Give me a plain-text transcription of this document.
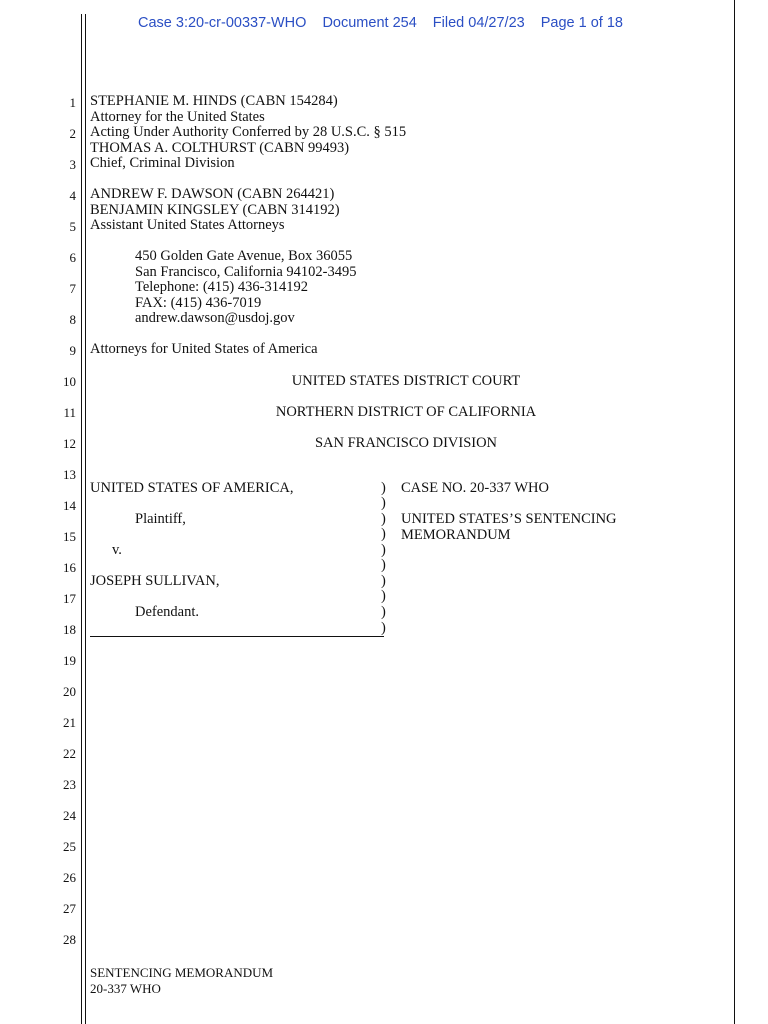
Case 3:20-cr-00337-WHO Document 254 Filed 04/27/23 Page 1 of 18
1
2
3
4
5
6
7
8
9
10
11
12
13
14
15
16
17
18
19
20
21
22
23
24
25
26
27
28
STEPHANIE M. HINDS (CABN 154284)
Attorney for the United States
Acting Under Authority Conferred by 28 U.S.C. § 515
THOMAS A. COLTHURST (CABN 99493)
Chief, Criminal Division
ANDREW F. DAWSON (CABN 264421)
BENJAMIN KINGSLEY (CABN 314192)
Assistant United States Attorneys
450 Golden Gate Avenue, Box 36055
San Francisco, California 94102-3495
Telephone: (415) 436-314192
FAX: (415) 436-7019
andrew.dawson@usdoj.gov
Attorneys for United States of America
UNITED STATES DISTRICT COURT
NORTHERN DISTRICT OF CALIFORNIA
SAN FRANCISCO DIVISION
UNITED STATES OF AMERICA,
Plaintiff,
v.
JOSEPH SULLIVAN,
Defendant.
)
)
)
)
)
)
)
)
)
)
CASE NO. 20-337 WHO
UNITED STATES’S SENTENCING
MEMORANDUM
SENTENCING MEMORANDUM
20-337 WHO
